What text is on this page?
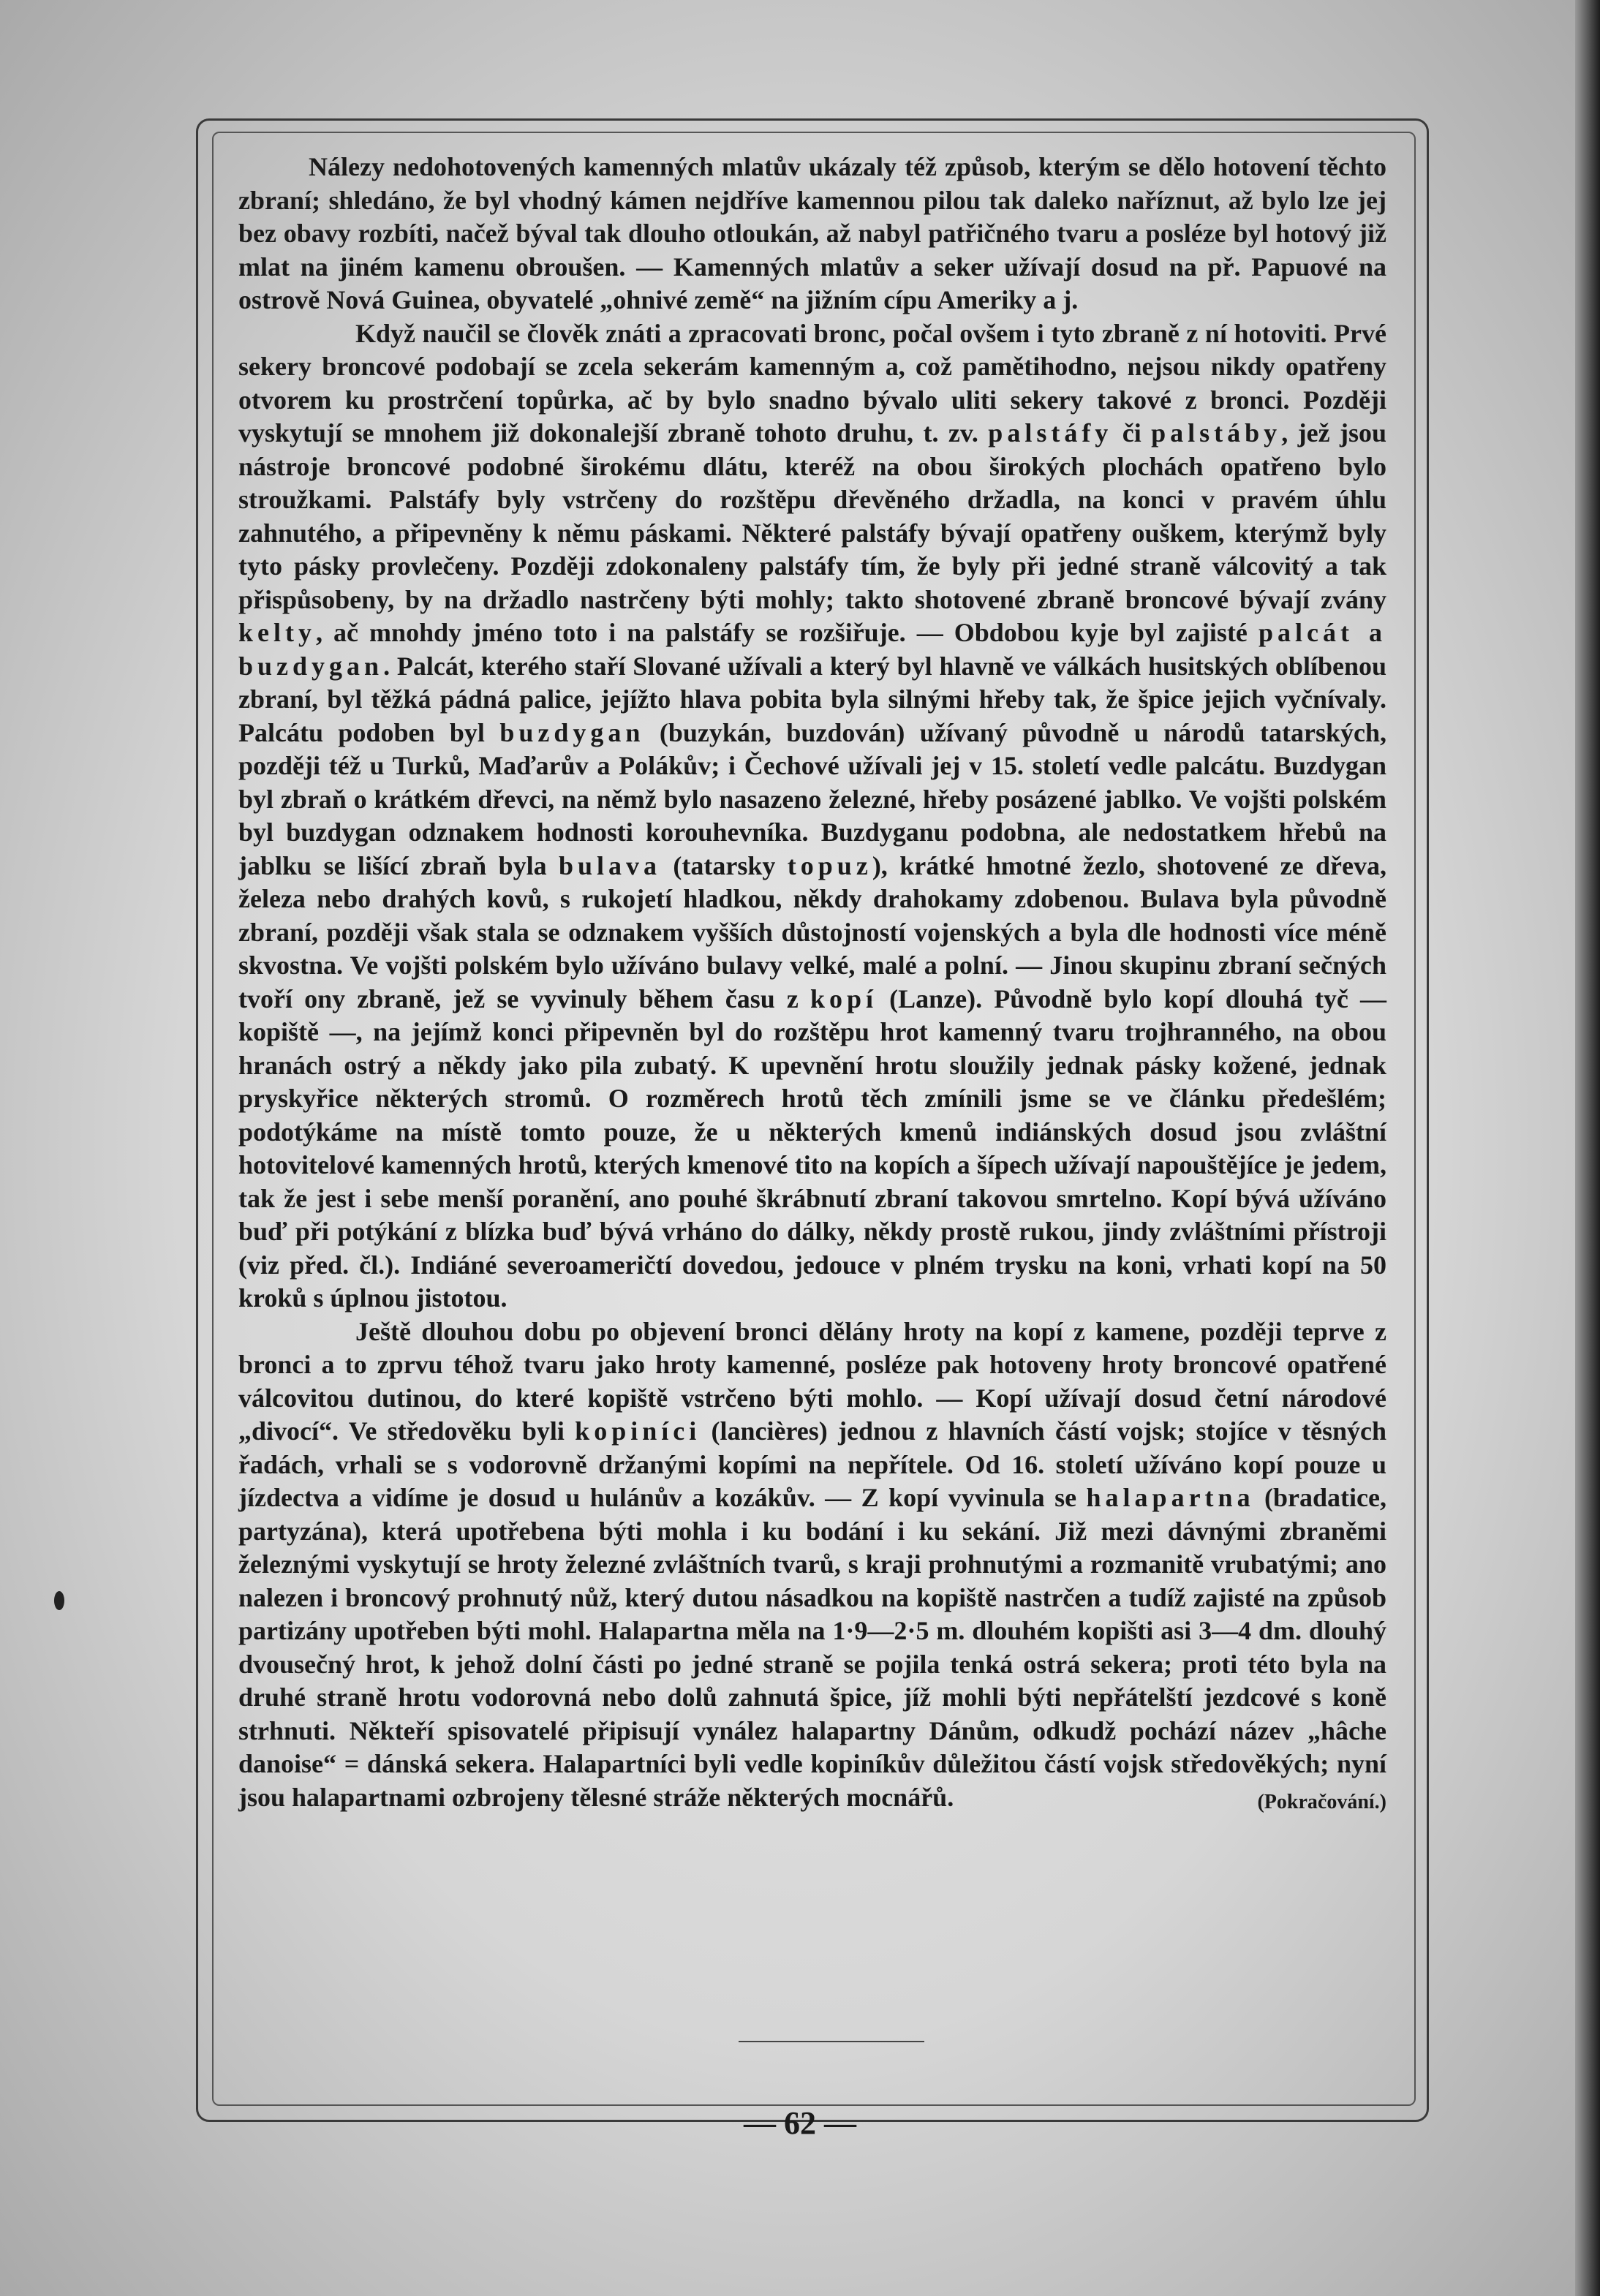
Nálezy nedohotovených kamenných mlatův ukázaly též způsob, kterým se dělo hotovení těchto zbraní; shledáno, že byl vhodný kámen nejdříve kamennou pilou tak daleko naříznut, až bylo lze jej bez obavy rozbíti, načež býval tak dlouho otloukán, až nabyl patřičného tvaru a posléze byl hotový již mlat na jiném kamenu obroušen. — Kamenných mlatův a seker užívají dosud na př. Papuové na ostrově Nová Guinea, obyvatelé „ohnivé země“ na jižním cípu Ameriky a j.

Když naučil se člověk znáti a zpracovati bronc, počal ovšem i tyto zbraně z ní hotoviti. Prvé sekery broncové podobají se zcela sekerám kamenným a, což pamětihodno, nejsou nikdy opatřeny otvorem ku prostrčení topůrka, ač by bylo snadno bývalo uliti sekery takové z bronci. Později vyskytují se mnohem již dokonalejší zbraně tohoto druhu, t. zv. palstáfy či palstáby, jež jsou nástroje broncové podobné širokému dlátu, kteréž na obou širokých plochách opatřeno bylo stroužkami. Palstáfy byly vstrčeny do rozštěpu dřevěného držadla, na konci v pravém úhlu zahnutého, a připevněny k němu páskami. Některé palstáfy bývají opatřeny ouškem, kterýmž byly tyto pásky provlečeny. Později zdokonaleny palstáfy tím, že byly při jedné straně válcovitý a tak přispůsobeny, by na držadlo nastrčeny býti mohly; takto shotovené zbraně broncové bývají zvány kelty, ač mnohdy jméno toto i na palstáfy se rozšiřuje. — Obdobou kyje byl zajisté palcát a buzdygan. Palcát, kterého staří Slované užívali a který byl hlavně ve válkách husitských oblíbenou zbraní, byl těžká pádná palice, jejížto hlava pobita byla silnými hřeby tak, že špice jejich vyčnívaly. Palcátu podoben byl buzdygan (buzykán, buzdován) užívaný původně u národů tatarských, později též u Turků, Maďarův a Polákův; i Čechové užívali jej v 15. století vedle palcátu. Buzdygan byl zbraň o krátkém dřevci, na němž bylo nasazeno železné, hřeby posázené jablko. Ve vojšti polském byl buzdygan odznakem hodnosti korouhevníka. Buzdyganu podobna, ale nedostatkem hřebů na jablku se lišící zbraň byla bulava (tatarsky topuz), krátké hmotné žezlo, shotovené ze dřeva, železa nebo drahých kovů, s rukojetí hladkou, někdy drahokamy zdobenou. Bulava byla původně zbraní, později však stala se odznakem vyšších důstojností vojenských a byla dle hodnosti více méně skvostna. Ve vojšti polském bylo užíváno bulavy velké, malé a polní. — Jinou skupinu zbraní sečných tvoří ony zbraně, jež se vyvinuly během času z kopí (Lanze). Původně bylo kopí dlouhá tyč — kopiště —, na jejímž konci připevněn byl do rozštěpu hrot kamenný tvaru trojhranného, na obou hranách ostrý a někdy jako pila zubatý. K upevnění hrotu sloužily jednak pásky kožené, jednak pryskyřice některých stromů. O rozměrech hrotů těch zmínili jsme se ve článku předešlém; podotýkáme na místě tomto pouze, že u některých kmenů indiánských dosud jsou zvláštní hotovitelové kamenných hrotů, kterých kmenové tito na kopích a šípech užívají napouštějíce je jedem, tak že jest i sebe menší poranění, ano pouhé škrábnutí zbraní takovou smrtelno. Kopí bývá užíváno buď při potýkání z blízka buď bývá vrháno do dálky, někdy prostě rukou, jindy zvláštními přístroji (viz před. čl.). Indiáné severoameričtí dovedou, jedouce v plném trysku na koni, vrhati kopí na 50 kroků s úplnou jistotou.

Ještě dlouhou dobu po objevení bronci dělány hroty na kopí z kamene, později teprve z bronci a to zprvu téhož tvaru jako hroty kamenné, posléze pak hotoveny hroty broncové opatřené válcovitou dutinou, do které kopiště vstrčeno býti mohlo. — Kopí užívají dosud četní národové „divocí“. Ve středověku byli kopiníci (lancières) jednou z hlavních částí vojsk; stojíce v těsných řadách, vrhali se s vodorovně držanými kopími na nepřítele. Od 16. století užíváno kopí pouze u jízdectva a vidíme je dosud u hulánův a kozákův. — Z kopí vyvinula se halapartna (bradatice, partyzána), která upotřebena býti mohla i ku bodání i ku sekání. Již mezi dávnými zbraněmi železnými vyskytují se hroty železné zvláštních tvarů, s kraji prohnutými a rozmanitě vrubatými; ano nalezen i broncový prohnutý nůž, který dutou násadkou na kopiště nastrčen a tudíž zajisté na způsob partizány upotřeben býti mohl. Halapartna měla na 1·9—2·5 m. dlouhém kopišti asi 3—4 dm. dlouhý dvousečný hrot, k jehož dolní části po jedné straně se pojila tenká ostrá sekera; proti této byla na druhé straně hrotu vodorovná nebo dolů zahnutá špice, jíž mohli býti nepřátelští jezdcové s koně strhnuti. Někteří spisovatelé připisují vynález halapartny Dánům, odkudž pochází název „hâche danoise“ = dánská sekera. Halapartníci byli vedle kopiníkův důležitou částí vojsk středověkých; nyní jsou halapartnami ozbrojeny tělesné stráže některých mocnářů.	(Pokračování.)

— 62 —
